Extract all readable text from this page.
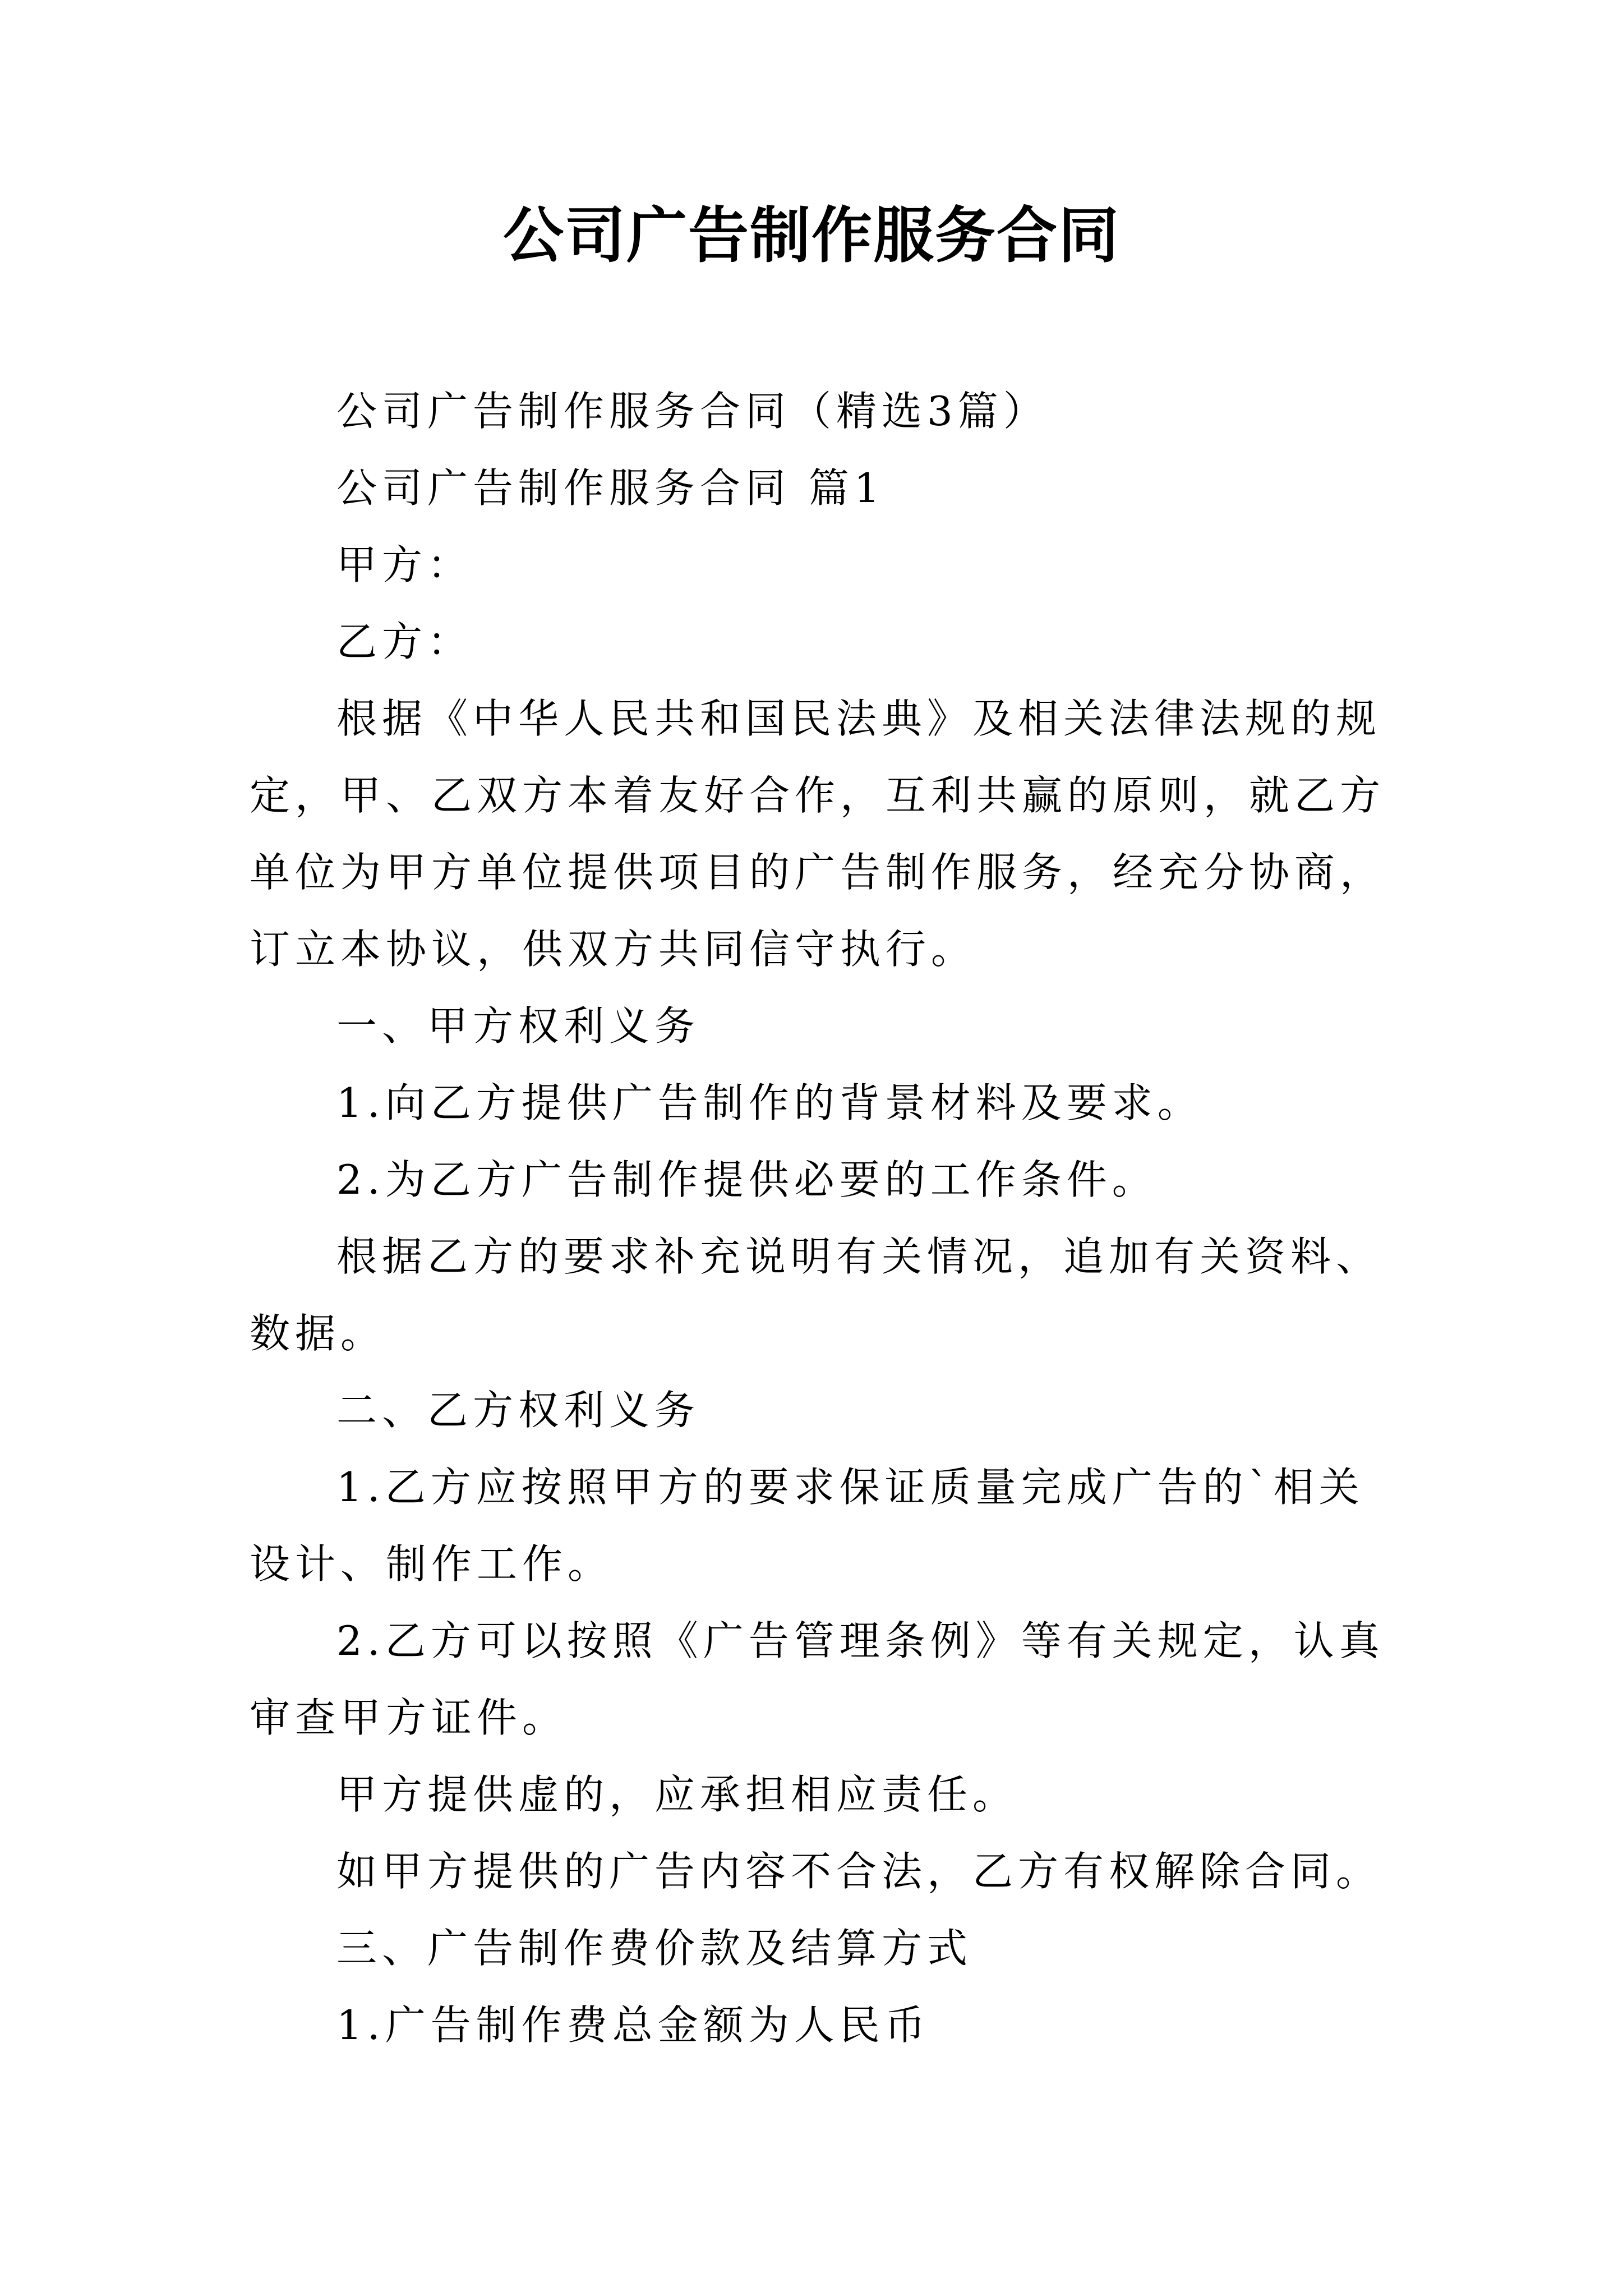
公司广告制作服务合同

公司广告制作服务合同（精选3篇）

公司广告制作服务合同 篇1

甲方：

乙方：

根据《中华人民共和国民法典》及相关法律法规的规定，甲、乙双方本着友好合作，互利共赢的原则，就乙方单位为甲方单位提供项目的广告制作服务，经充分协商，订立本协议，供双方共同信守执行。

一、甲方权利义务

1.向乙方提供广告制作的背景材料及要求。

2.为乙方广告制作提供必要的工作条件。

根据乙方的要求补充说明有关情况，追加有关资料、数据。

二、乙方权利义务

1.乙方应按照甲方的要求保证质量完成广告的`相关设计、制作工作。

2.乙方可以按照《广告管理条例》等有关规定，认真审查甲方证件。

甲方提供虚的，应承担相应责任。

如甲方提供的广告内容不合法，乙方有权解除合同。

三、广告制作费价款及结算方式

1.广告制作费总金额为人民币
